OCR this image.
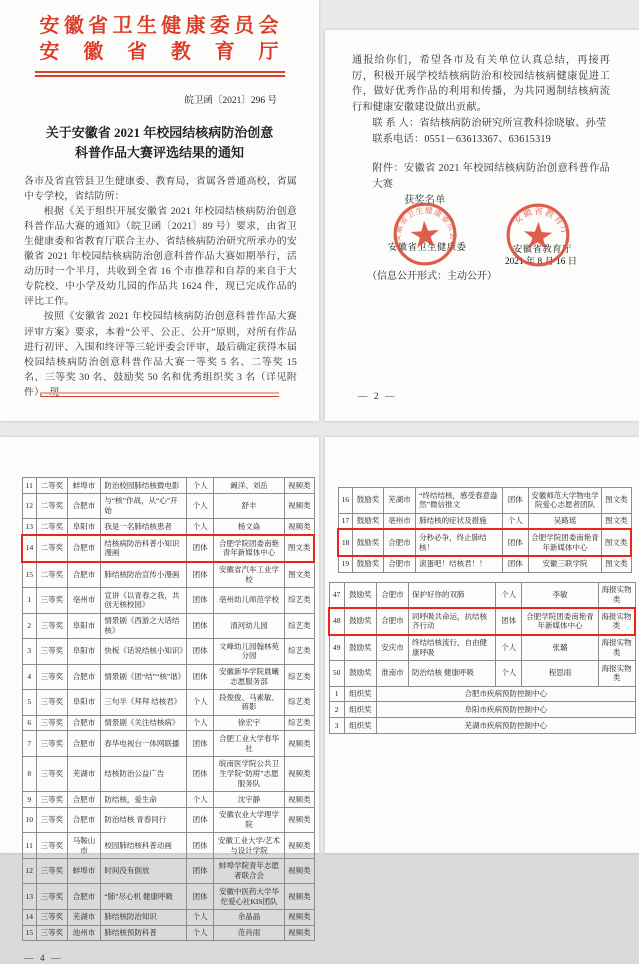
安徽省卫生健康委员会
安徽省教育厅
皖卫函〔2021〕296 号
关于安徽省 2021 年校园结核病防治创意
科普作品大赛评选结果的通知

各市及省直管县卫生健康委、教育局，省属各普通高校，省属中专学校，省结防所：

根据《关于组织开展安徽省 2021 年校园结核病防治创意科普作品大赛的通知》（皖卫函〔2021〕89 号）要求，由省卫生健康委和省教育厅联合主办、省结核病防治研究所承办的安徽省 2021 年校园结核病防治创意科普作品大赛如期举行，活动历时一个半月，共收到全省 16 个市推荐和自荐的来自于大专院校、中小学及幼儿园的作品共 1624 件，现已完成作品的评比工作。

按照《安徽省 2021 年校园结核病防治创意科普作品大赛评审方案》要求，本着“公平、公正、公开”原则，对所有作品进行初评、入围和终评等三轮评委会评审，最后确定获得本届校园结核病防治创意科普作品大赛一等奖 5 名、二等奖 15 名、三等奖 30 名、鼓励奖 50 名和优秀组织奖 3 名（详见附件），现

通报给你们，希望各市及有关单位认真总结，再接再厉，积极开展学校结核病防治和校园结核病健康促进工作，做好优秀作品的利用和传播，为共同遏制结核病流行和健康安徽建设做出贡献。

联 系 人：省结核病防治研究所宣教科徐晓敏、孙莹

联系电话：0551－63613367、63615319

附件：安徽省 2021 年校园结核病防治创意科普作品大赛
获奖名单
安徽省卫生健康委	安徽省教育厅
2021 年 8 月 16 日
安徽省卫生健康委员会
安徽省教育厅
（信息公开形式：主动公开）
— 2 —
11	二等奖	蚌埠市	防治校园肺结核微电影	个人	阚洋、刘岳	视频类
12	二等奖	合肥市	与“核”作战，从“心”开始	个人	舒丰	视频类
13	二等奖	阜阳市	我是一名肺结核患者	个人	杨文焱	视频类
14	二等奖	合肥市	结核病防治科普小知识漫画	团体	合肥学院团委南艳青年新媒体中心	图文类
15	二等奖	合肥市	肺结核防治宣传小漫画	团体	安徽省汽车工业学校	图文类
1	三等奖	亳州市	宣讲《以青春之我，共创无核校园》	团体	亳州幼儿师范学校	综艺类
2	三等奖	阜阳市	情景剧《西游之大话结核》	团体	清河幼儿园	综艺类
3	三等奖	阜阳市	快板《话说结核小知识》	团体	文峰幼儿园翰林苑分园	综艺类
4	三等奖	合肥市	情景剧《团“结”“核”谐》	团体	安徽新华学院晨曦志愿服务部	综艺类
5	三等奖	阜阳市	三句半《拜拜 结核君》	个人	段俊俊、马素敏、蒋影	综艺类
6	三等奖	合肥市	情景剧《关注结核病》	个人	徐宏宇	综艺类
7	三等奖	合肥市	春华电视台一体网联播	团体	合肥工业大学春华社	视频类
8	三等奖	芜湖市	结核防治公益广告	团体	皖南医学院公共卫生学院“防痨”志愿服务队	视频类
9	三等奖	合肥市	防结核，爱生命	个人	沈宇静	视频类
10	三等奖	合肥市	防治结核 青春同行	团体	安徽农业大学理学院	视频类
11	三等奖	马鞍山市	校园肺结核科普动画	团体	安徽工业大学/艺术与设计学院	视频类
12	三等奖	蚌埠市	时间没有倒放	团体	蚌埠学院青年志愿者联合会	视频类
13	三等奖	合肥市	“肺”尽心机 健康呼吸	团体	安徽中医药大学华佗爱心社KIS团队	视频类
14	三等奖	芜湖市	肺结核防治知识	个人	余晶晶	视频类
15	三等奖	池州市	肺结核预防科普	个人	范肖雨	视频类
— 4 —
16	鼓励奖	芜湖市	“终结结核，感受春意盎然”微信推文	团体	安徽师范大学物电学院爱心志愿者团队	图文类
17	鼓励奖	亳州市	肺结核的症状及措施	个人	吴路瑶	图文类
18	鼓励奖	合肥市	分秒必争，终止肺结核！	团体	合肥学院团委南艳青年新媒体中心	图文类
19	鼓励奖	合肥市	滚蛋吧！结核君！！	团体	安徽三联学院	图文类
47	鼓励奖	合肥市	保护好你的双肺	个人	李敏	海报实物类
48	鼓励奖	合肥市	同呼吸共命运，抗结核齐行动	团体	合肥学院团委南艳青年新媒体中心	海报实物类
49	鼓励奖	安庆市	终结结核流行，自由健康呼吸	个人	张璐	海报实物类
50	鼓励奖	淮南市	防治结核 健康呼吸	个人	程思雨	海报实物类
1	组织奖	合肥市疾病预防控制中心				
2	组织奖	阜阳市疾病预防控制中心				
3	组织奖	芜湖市疾病预防控制中心				
